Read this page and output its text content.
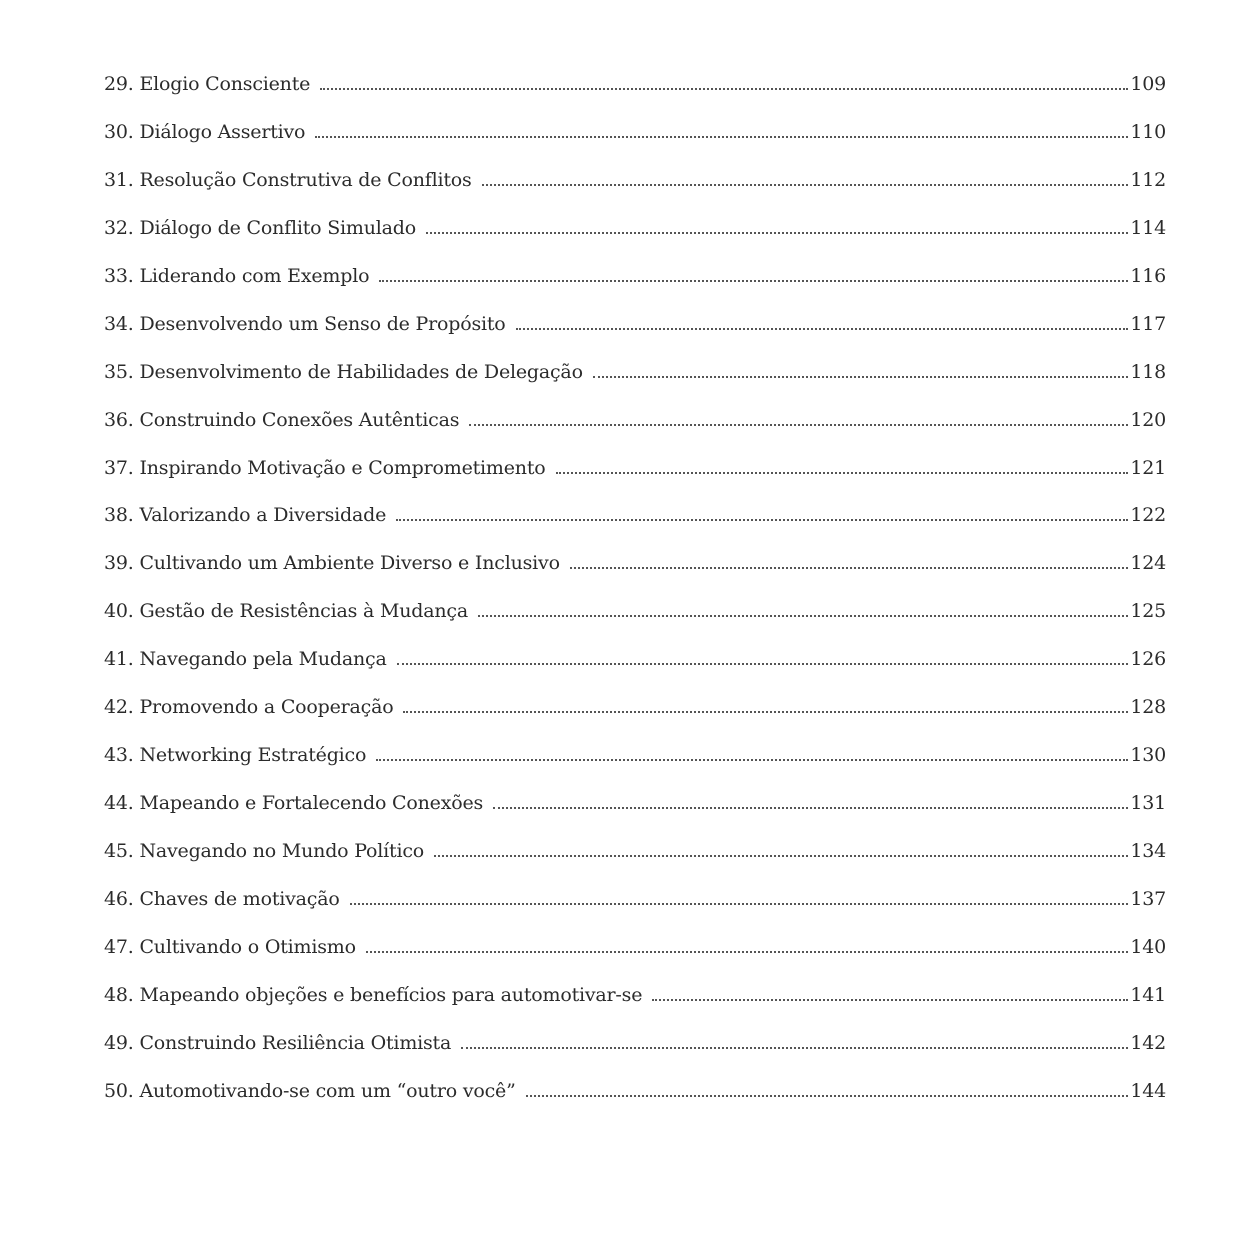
29. Elogio Consciente	109
30. Diálogo Assertivo	110
31. Resolução Construtiva de Conflitos	112
32. Diálogo de Conflito Simulado	114
33. Liderando com Exemplo	116
34. Desenvolvendo um Senso de Propósito	117
35. Desenvolvimento de Habilidades de Delegação	118
36. Construindo Conexões Autênticas	120
37. Inspirando Motivação e Comprometimento	121
38. Valorizando a Diversidade	122
39. Cultivando um Ambiente Diverso e Inclusivo	124
40. Gestão de Resistências à Mudança	125
41. Navegando pela Mudança	126
42. Promovendo a Cooperação	128
43. Networking Estratégico	130
44. Mapeando e Fortalecendo Conexões	131
45. Navegando no Mundo Político	134
46. Chaves de motivação	137
47. Cultivando o Otimismo	140
48. Mapeando objeções e benefícios para automotivar-se	141
49. Construindo Resiliência Otimista	142
50. Automotivando-se com um “outro você”	144
